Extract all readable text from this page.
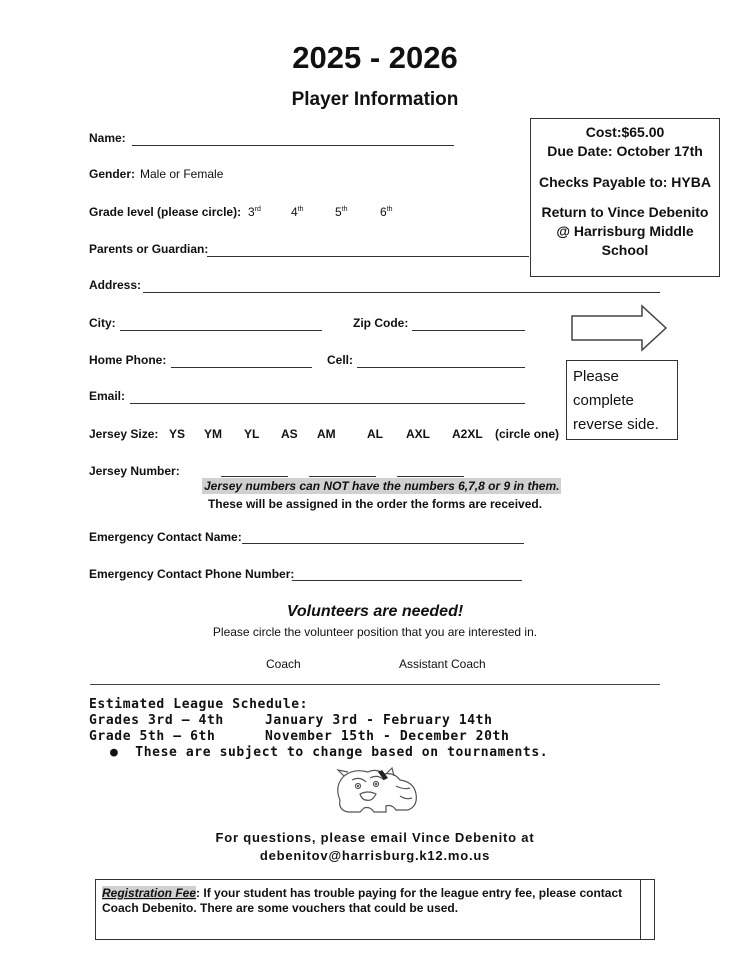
2025 - 2026
Player Information
Name:
Gender: Male or Female
Grade level (please circle): 3rd	4th	5th	6th
Parents or Guardian:
Address:
City:	Zip Code:
Home Phone:	Cell:
Email:
Jersey Size: YS YM YL AS AM	AL AXL A2XL (circle one)
Jersey Number:
Jersey numbers can NOT have the numbers 6,7,8 or 9 in them.
These will be assigned in the order the forms are received.
Emergency Contact Name:
Emergency Contact Phone Number:
Cost:$65.00
Due Date: October 17th
Checks Payable to: HYBA
Return to Vince Debenito
@ Harrisburg Middle
School
Please complete
reverse side.
Volunteers are needed!
Please circle the volunteer position that you are interested in.
Coach	Assistant Coach
Estimated League Schedule:
Grades 3rd – 4th	January 3rd - February 14th
Grade 5th – 6th	November 15th - December 20th
● These are subject to change based on tournaments.
For questions, please email Vince Debenito at
debenitov@harrisburg.k12.mo.us
Registration Fee: If your student has trouble paying for the league entry fee, please contact Coach Debenito. There are some vouchers that could be used.
